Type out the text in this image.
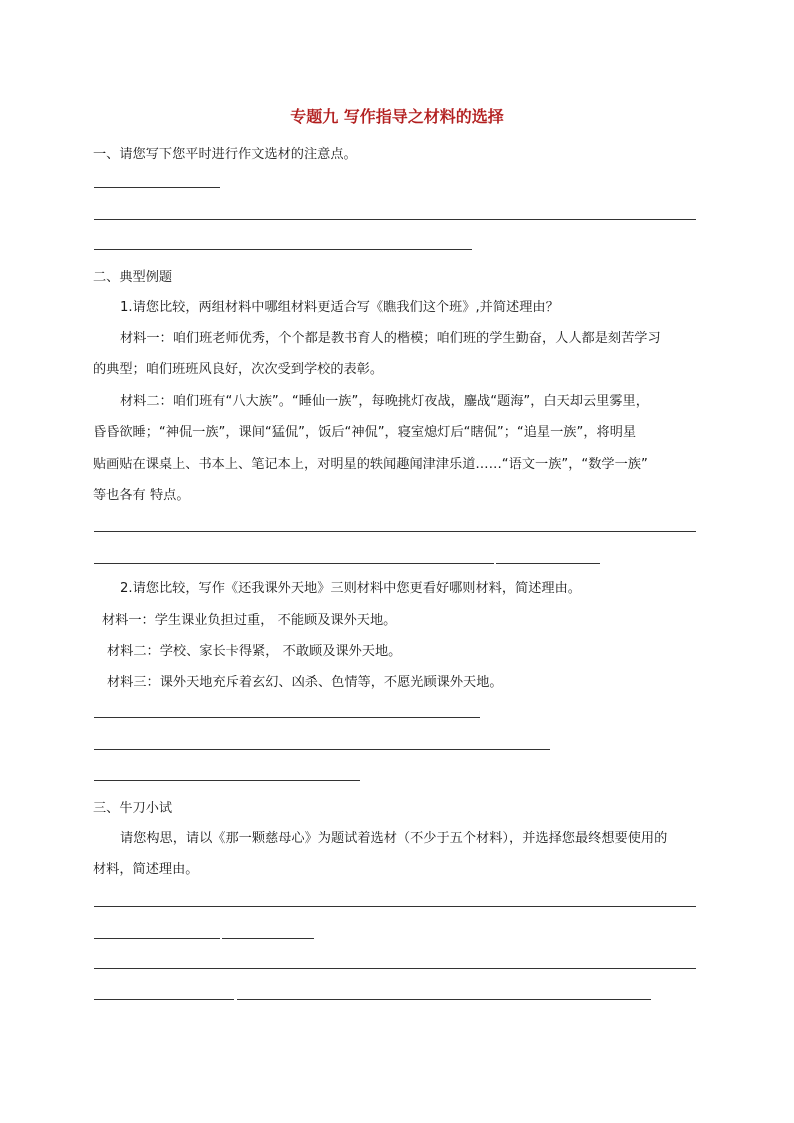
专题九 写作指导之材料的选择
一、请您写下您平时进行作文选材的注意点。
二、典型例题
1.请您比较，两组材料中哪组材料更适合写《瞧我们这个班》,并简述理由？
材料一：咱们班老师优秀，个个都是教书育人的楷模；咱们班的学生勤奋，人人都是刻苦学习
的典型；咱们班班风良好，次次受到学校的表彰。
材料二：咱们班有“八大族”。“睡仙一族”，每晚挑灯夜战，鏖战“题海”，白天却云里雾里，
昏昏欲睡；“神侃一族”，课间“猛侃”，饭后“神侃”，寝室熄灯后“瞎侃”；“追星一族”，将明星
贴画贴在课桌上、书本上、笔记本上，对明星的轶闻趣闻津津乐道……“语文一族”，“数学一族”
等也各有 特点。
2.请您比较，写作《还我课外天地》三则材料中您更看好哪则材料，简述理由。
材料一：学生课业负担过重， 不能顾及课外天地。
材料二：学校、家长卡得紧， 不敢顾及课外天地。
材料三：课外天地充斥着玄幻、凶杀、色情等，不愿光顾课外天地。
三、牛刀小试
请您构思，请以《那一颗慈母心》为题试着选材（不少于五个材料），并选择您最终想要使用的
材料，简述理由。
